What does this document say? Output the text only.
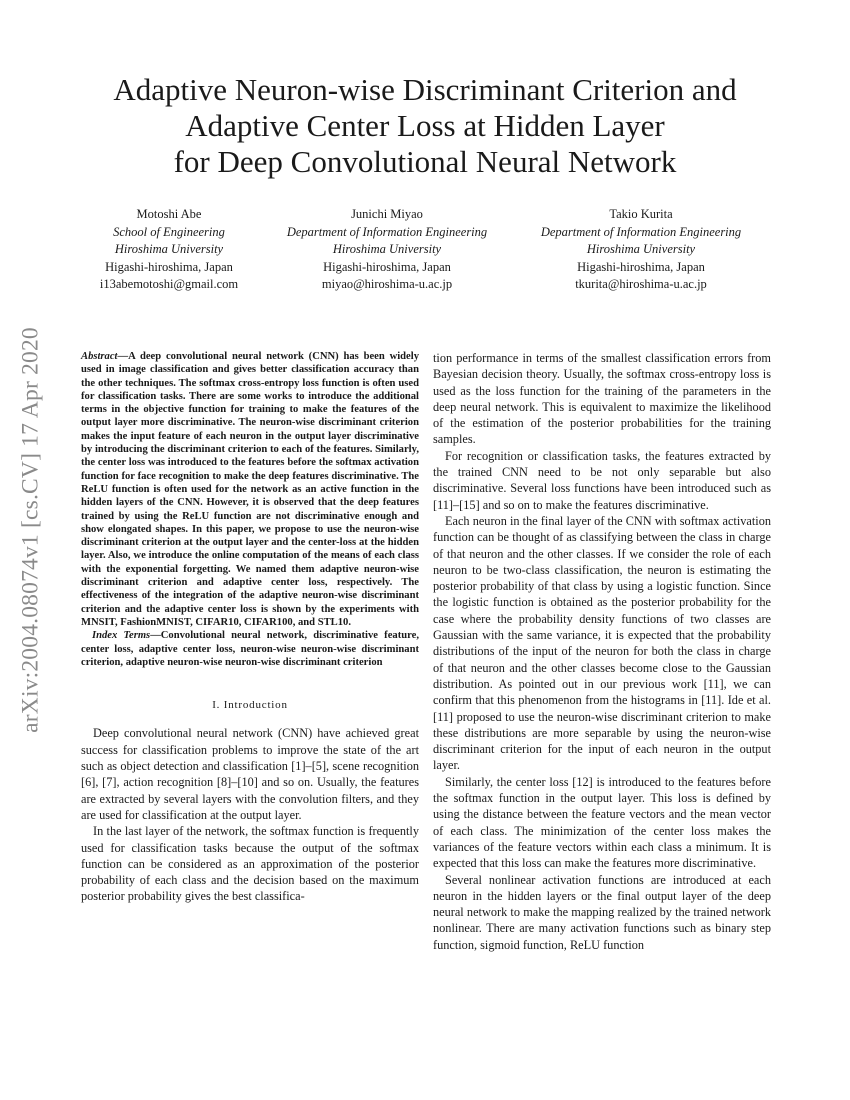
Adaptive Neuron-wise Discriminant Criterion and
Adaptive Center Loss at Hidden Layer
for Deep Convolutional Neural Network
Motoshi Abe
School of Engineering
Hiroshima University
Higashi-hiroshima, Japan
i13abemotoshi@gmail.com
Junichi Miyao
Department of Information Engineering
Hiroshima University
Higashi-hiroshima, Japan
miyao@hiroshima-u.ac.jp
Takio Kurita
Department of Information Engineering
Hiroshima University
Higashi-hiroshima, Japan
tkurita@hiroshima-u.ac.jp
arXiv:2004.08074v1 [cs.CV] 17 Apr 2020	Abstract—A deep convolutional neural network (CNN) has been widely used in image classification and gives better classification accuracy than the other techniques. The softmax cross-entropy loss function is often used for classification tasks. There are some works to introduce the additional terms in the objective function for training to make the features of the output layer more discriminative. The neuron-wise discriminant criterion makes the input feature of each neuron in the output layer discriminative by introducing the discriminant criterion to each of the features. Similarly, the center loss was introduced to the features before the softmax activation function for face recognition to make the deep features discriminative. The ReLU function is often used for the network as an active function in the hidden layers of the CNN. However, it is observed that the deep features trained by using the ReLU function are not discriminative enough and show elongated shapes. In this paper, we propose to use the neuron-wise discriminant criterion at the output layer and the center-loss at the hidden layer. Also, we introduce the online computation of the means of each class with the exponential forgetting. We named them adaptive neuron-wise discriminant criterion and adaptive center loss, respectively. The effectiveness of the integration of the adaptive neuron-wise discriminant criterion and the adaptive center loss is shown by the experiments with MNSIT, FashionMNIST, CIFAR10, CIFAR100, and STL10.
Index Terms—Convolutional neural network, discriminative feature, center loss, adaptive center loss, neuron-wise neuron-wise discriminant criterion, adaptive neuron-wise neuron-wise discriminant criterion
I. Introduction

Deep convolutional neural network (CNN) have achieved great success for classification problems to improve the state of the art such as object detection and classification [1]–[5], scene recognition [6], [7], action recognition [8]–[10] and so on. Usually, the features are extracted by several layers with the convolution filters, and they are used for classification at the output layer.

In the last layer of the network, the softmax function is frequently used for classification tasks because the output of the softmax function can be considered as an approximation of the posterior probability of each class and the decision based on the maximum posterior probability gives the best classifica-

tion performance in terms of the smallest classification errors from Bayesian decision theory. Usually, the softmax cross-entropy loss is used as the loss function for the training of the parameters in the deep neural network. This is equivalent to maximize the likelihood of the estimation of the posterior probabilities for the training samples.

For recognition or classification tasks, the features extracted by the trained CNN need to be not only separable but also discriminative. Several loss functions have been introduced such as [11]–[15] and so on to make the features discriminative.

Each neuron in the final layer of the CNN with softmax activation function can be thought of as classifying between the class in charge of that neuron and the other classes. If we consider the role of each neuron to be two-class classification, the neuron is estimating the posterior probability of that class by using a logistic function. Since the logistic function is obtained as the posterior probability for the case where the probability density functions of two classes are Gaussian with the same variance, it is expected that the probability distributions of the input of the neuron for both the class in charge of that neuron and the other classes become close to the Gaussian distribution. As pointed out in our previous work [11], we can confirm that this phenomenon from the histograms in [11]. Ide et al. [11] proposed to use the neuron-wise discriminant criterion to make these distributions are more separable by using the neuron-wise discriminant criterion for the input of each neuron in the output layer.

Similarly, the center loss [12] is introduced to the features before the softmax function in the output layer. This loss is defined by using the distance between the feature vectors and the mean vector of each class. The minimization of the center loss makes the variances of the feature vectors within each class a minimum. It is expected that this loss can make the features more discriminative.

Several nonlinear activation functions are introduced at each neuron in the hidden layers or the final output layer of the deep neural network to make the mapping realized by the trained network nonlinear. There are many activation functions such as binary step function, sigmoid function, ReLU function
